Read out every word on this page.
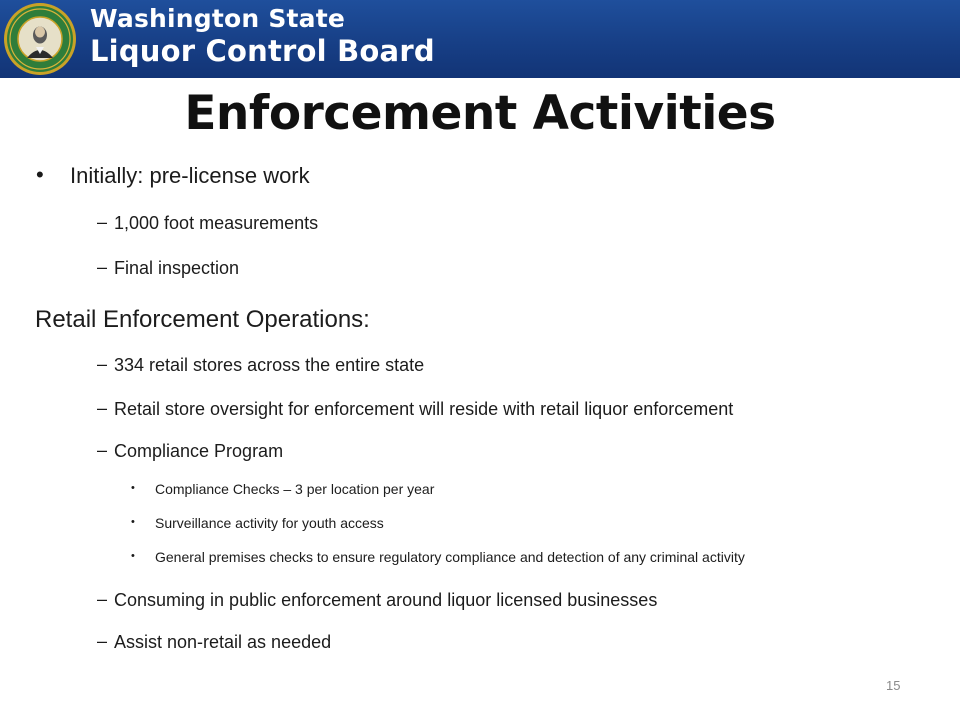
Washington State
Liquor Control Board
Enforcement Activities
• Initially: pre-license work
– 1,000 foot measurements
– Final inspection
Retail Enforcement Operations:
– 334 retail stores across the entire state
– Retail store oversight for enforcement will reside with retail liquor enforcement
– Compliance Program
• Compliance Checks – 3 per location per year
• Surveillance activity for youth access
• General premises checks to ensure regulatory compliance and detection of any criminal activity
– Consuming in public enforcement around liquor licensed businesses
– Assist non-retail as needed
15
